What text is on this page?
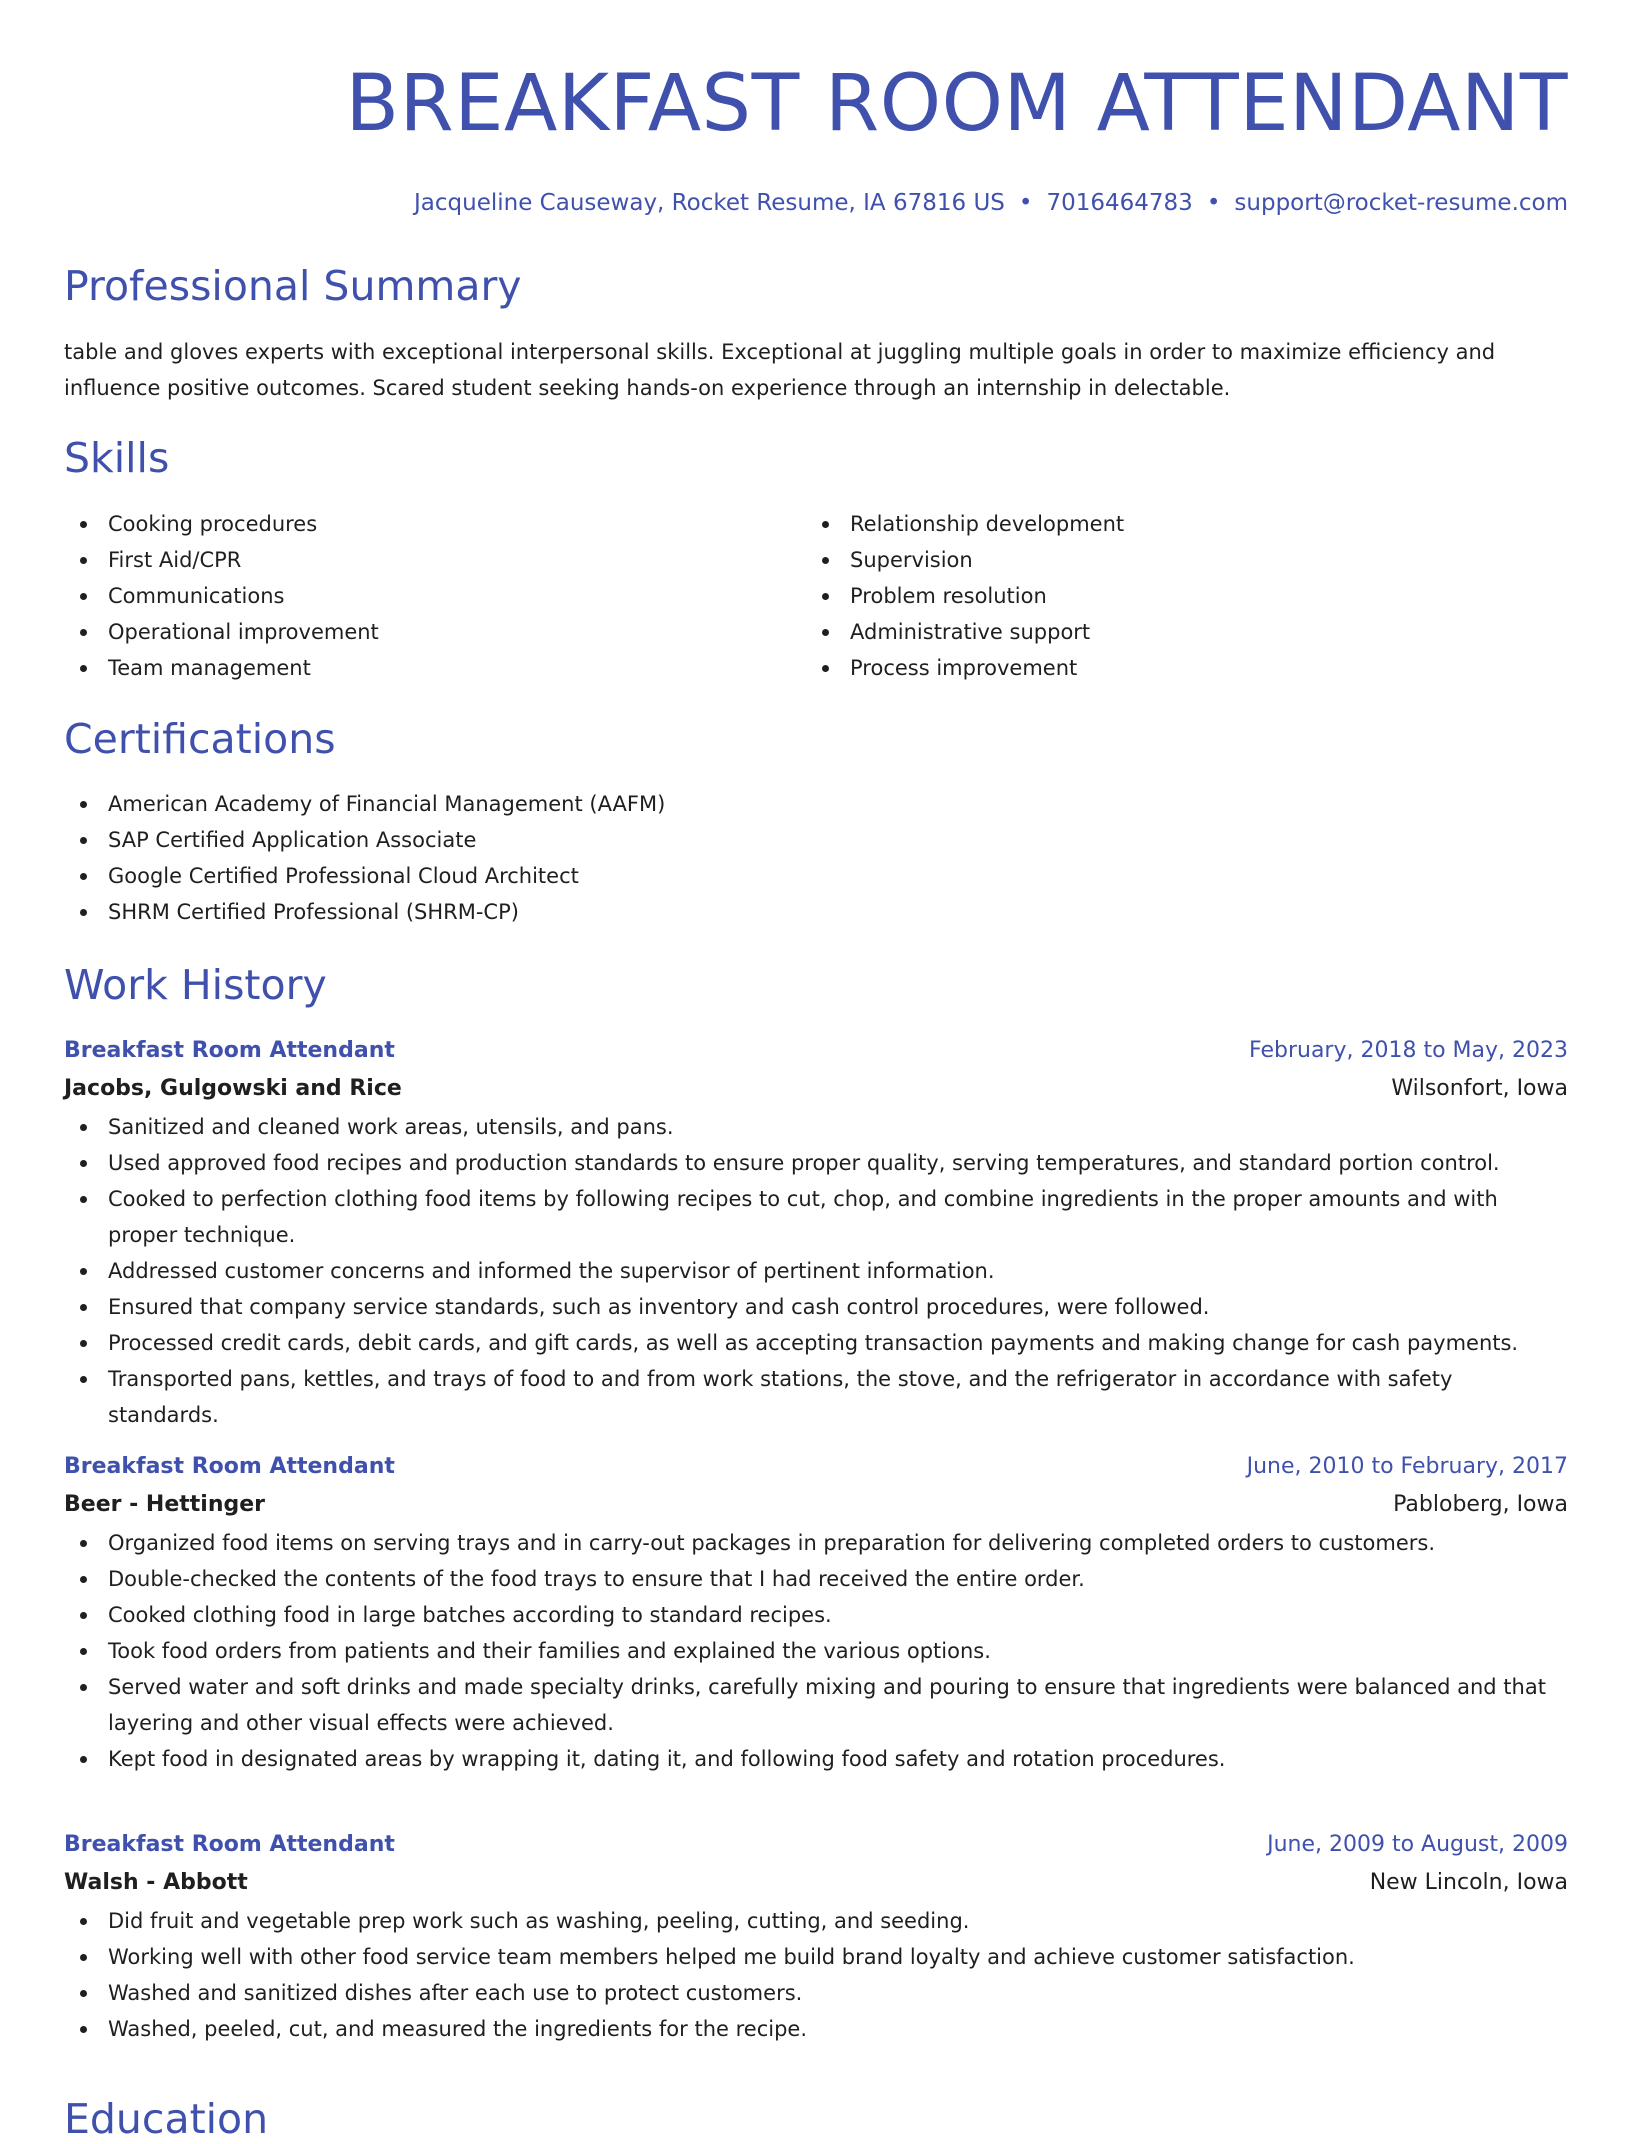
BREAKFAST ROOM ATTENDANT
Jacqueline Causeway, Rocket Resume, IA 67816 US • 7016464783 • support@rocket-resume.com
Professional Summary

table and gloves experts with exceptional interpersonal skills. Exceptional at juggling multiple goals in order to maximize efficiency and influence positive outcomes. Scared student seeking hands-on experience through an internship in delectable.

Skills
Cooking procedures
First Aid/CPR
Communications
Operational improvement
Team management
Relationship development
Supervision
Problem resolution
Administrative support
Process improvement
Certifications
American Academy of Financial Management (AAFM)
SAP Certified Application Associate
Google Certified Professional Cloud Architect
SHRM Certified Professional (SHRM-CP)
Work History
Breakfast Room Attendant	February, 2018 to May, 2023
Jacobs, Gulgowski and Rice	Wilsonfort, Iowa
Sanitized and cleaned work areas, utensils, and pans.
Used approved food recipes and production standards to ensure proper quality, serving temperatures, and standard portion control.
Cooked to perfection clothing food items by following recipes to cut, chop, and combine ingredients in the proper amounts and with proper technique.
Addressed customer concerns and informed the supervisor of pertinent information.
Ensured that company service standards, such as inventory and cash control procedures, were followed.
Processed credit cards, debit cards, and gift cards, as well as accepting transaction payments and making change for cash payments.
Transported pans, kettles, and trays of food to and from work stations, the stove, and the refrigerator in accordance with safety standards.
Breakfast Room Attendant	June, 2010 to February, 2017
Beer - Hettinger	Pabloberg, Iowa
Organized food items on serving trays and in carry-out packages in preparation for delivering completed orders to customers.
Double-checked the contents of the food trays to ensure that I had received the entire order.
Cooked clothing food in large batches according to standard recipes.
Took food orders from patients and their families and explained the various options.
Served water and soft drinks and made specialty drinks, carefully mixing and pouring to ensure that ingredients were balanced and that layering and other visual effects were achieved.
Kept food in designated areas by wrapping it, dating it, and following food safety and rotation procedures.
Breakfast Room Attendant	June, 2009 to August, 2009
Walsh - Abbott	New Lincoln, Iowa
Did fruit and vegetable prep work such as washing, peeling, cutting, and seeding.
Working well with other food service team members helped me build brand loyalty and achieve customer satisfaction.
Washed and sanitized dishes after each use to protect customers.
Washed, peeled, cut, and measured the ingredients for the recipe.
Education
